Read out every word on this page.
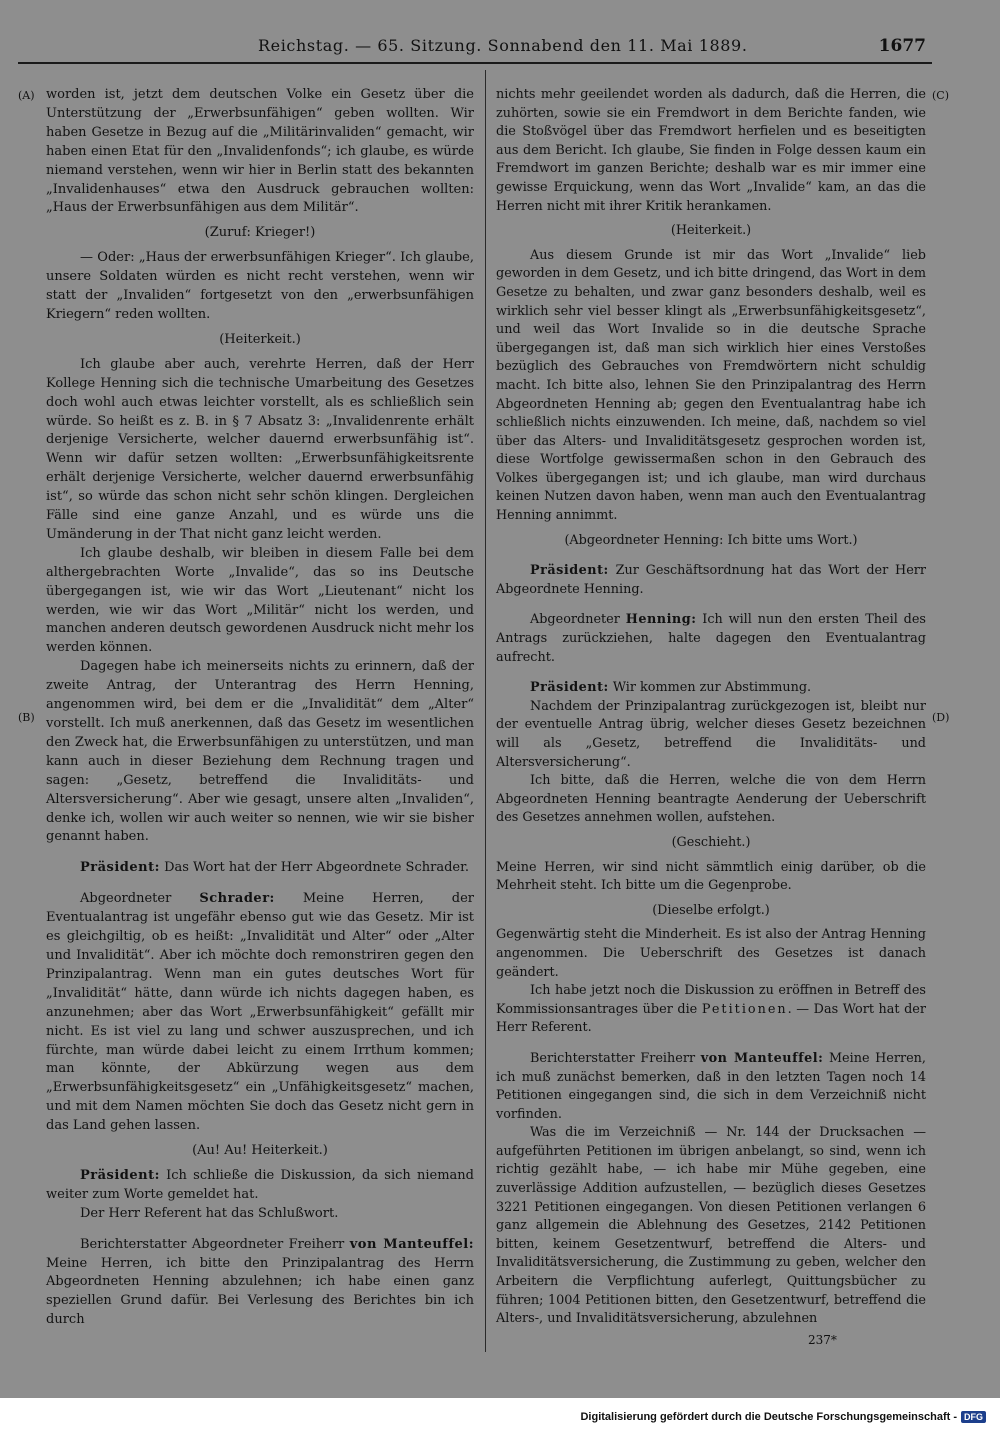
Reichstag. — 65. Sitzung. Sonnabend den 11. Mai 1889.	1677
(A)
(B)
(C)
(D)

worden ist, jetzt dem deutschen Volke ein Gesetz über die Unterstützung der „Erwerbsunfähigen“ geben wollten. Wir haben Gesetze in Bezug auf die „Militärinvaliden“ gemacht, wir haben einen Etat für den „Invalidenfonds“; ich glaube, es würde niemand verstehen, wenn wir hier in Berlin statt des bekannten „Invalidenhauses“ etwa den Ausdruck gebrauchen wollten: „Haus der Erwerbsunfähigen aus dem Militär“.

(Zuruf: Krieger!)

— Oder: „Haus der erwerbsunfähigen Krieger“. Ich glaube, unsere Soldaten würden es nicht recht verstehen, wenn wir statt der „Invaliden“ fortgesetzt von den „erwerbsunfähigen Kriegern“ reden wollten.

(Heiterkeit.)

Ich glaube aber auch, verehrte Herren, daß der Herr Kollege Henning sich die technische Umarbeitung des Gesetzes doch wohl auch etwas leichter vorstellt, als es schließlich sein würde. So heißt es z. B. in § 7 Absatz 3: „Invalidenrente erhält derjenige Versicherte, welcher dauernd erwerbsunfähig ist“. Wenn wir dafür setzen wollten: „Erwerbsunfähigkeitsrente erhält derjenige Versicherte, welcher dauernd erwerbsunfähig ist“, so würde das schon nicht sehr schön klingen. Dergleichen Fälle sind eine ganze Anzahl, und es würde uns die Umänderung in der That nicht ganz leicht werden.

Ich glaube deshalb, wir bleiben in diesem Falle bei dem althergebrachten Worte „Invalide“, das so ins Deutsche übergegangen ist, wie wir das Wort „Lieutenant“ nicht los werden, wie wir das Wort „Militär“ nicht los werden, und manchen anderen deutsch gewordenen Ausdruck nicht mehr los werden können.

Dagegen habe ich meinerseits nichts zu erinnern, daß der zweite Antrag, der Unterantrag des Herrn Henning, angenommen wird, bei dem er die „Invalidität“ dem „Alter“ vorstellt. Ich muß anerkennen, daß das Gesetz im wesentlichen den Zweck hat, die Erwerbsunfähigen zu unterstützen, und man kann auch in dieser Beziehung dem Rechnung tragen und sagen: „Gesetz, betreffend die Invaliditäts- und Altersversicherung“. Aber wie gesagt, unsere alten „Invaliden“, denke ich, wollen wir auch weiter so nennen, wie wir sie bisher genannt haben.

Präsident: Das Wort hat der Herr Abgeordnete Schrader.

Abgeordneter Schrader: Meine Herren, der Eventualantrag ist ungefähr ebenso gut wie das Gesetz. Mir ist es gleichgiltig, ob es heißt: „Invalidität und Alter“ oder „Alter und Invalidität“. Aber ich möchte doch remonstriren gegen den Prinzipalantrag. Wenn man ein gutes deutsches Wort für „Invalidität“ hätte, dann würde ich nichts dagegen haben, es anzunehmen; aber das Wort „Erwerbsunfähigkeit“ gefällt mir nicht. Es ist viel zu lang und schwer auszusprechen, und ich fürchte, man würde dabei leicht zu einem Irrthum kommen; man könnte, der Abkürzung wegen aus dem „Erwerbsunfähigkeitsgesetz“ ein „Unfähigkeitsgesetz“ machen, und mit dem Namen möchten Sie doch das Gesetz nicht gern in das Land gehen lassen.

(Au! Au! Heiterkeit.)

Präsident: Ich schließe die Diskussion, da sich niemand weiter zum Worte gemeldet hat.

Der Herr Referent hat das Schlußwort.

Berichterstatter Abgeordneter Freiherr von Manteuffel: Meine Herren, ich bitte den Prinzipalantrag des Herrn Abgeordneten Henning abzulehnen; ich habe einen ganz speziellen Grund dafür. Bei Verlesung des Berichtes bin ich durch

nichts mehr geeilendet worden als dadurch, daß die Herren, die zuhörten, sowie sie ein Fremdwort in dem Berichte fanden, wie die Stoßvögel über das Fremdwort herfielen und es beseitigten aus dem Bericht. Ich glaube, Sie finden in Folge dessen kaum ein Fremdwort im ganzen Berichte; deshalb war es mir immer eine gewisse Erquickung, wenn das Wort „Invalide“ kam, an das die Herren nicht mit ihrer Kritik herankamen.

(Heiterkeit.)

Aus diesem Grunde ist mir das Wort „Invalide“ lieb geworden in dem Gesetz, und ich bitte dringend, das Wort in dem Gesetze zu behalten, und zwar ganz besonders deshalb, weil es wirklich sehr viel besser klingt als „Erwerbsunfähigkeitsgesetz“, und weil das Wort Invalide so in die deutsche Sprache übergegangen ist, daß man sich wirklich hier eines Verstoßes bezüglich des Gebrauches von Fremdwörtern nicht schuldig macht. Ich bitte also, lehnen Sie den Prinzipalantrag des Herrn Abgeordneten Henning ab; gegen den Eventualantrag habe ich schließlich nichts einzuwenden. Ich meine, daß, nachdem so viel über das Alters- und Invaliditätsgesetz gesprochen worden ist, diese Wortfolge gewissermaßen schon in den Gebrauch des Volkes übergegangen ist; und ich glaube, man wird durchaus keinen Nutzen davon haben, wenn man auch den Eventualantrag Henning annimmt.

(Abgeordneter Henning: Ich bitte ums Wort.)

Präsident: Zur Geschäftsordnung hat das Wort der Herr Abgeordnete Henning.

Abgeordneter Henning: Ich will nun den ersten Theil des Antrags zurückziehen, halte dagegen den Eventualantrag aufrecht.

Präsident: Wir kommen zur Abstimmung.

Nachdem der Prinzipalantrag zurückgezogen ist, bleibt nur der eventuelle Antrag übrig, welcher dieses Gesetz bezeichnen will als „Gesetz, betreffend die Invaliditäts- und Altersversicherung“.

Ich bitte, daß die Herren, welche die von dem Herrn Abgeordneten Henning beantragte Aenderung der Ueberschrift des Gesetzes annehmen wollen, aufstehen.

(Geschieht.)

Meine Herren, wir sind nicht sämmtlich einig darüber, ob die Mehrheit steht. Ich bitte um die Gegenprobe.

(Dieselbe erfolgt.)

Gegenwärtig steht die Minderheit. Es ist also der Antrag Henning angenommen. Die Ueberschrift des Gesetzes ist danach geändert.

Ich habe jetzt noch die Diskussion zu eröffnen in Betreff des Kommissionsantrages über die Petitionen. — Das Wort hat der Herr Referent.

Berichterstatter Freiherr von Manteuffel: Meine Herren, ich muß zunächst bemerken, daß in den letzten Tagen noch 14 Petitionen eingegangen sind, die sich in dem Verzeichniß nicht vorfinden.

Was die im Verzeichniß — Nr. 144 der Drucksachen — aufgeführten Petitionen im übrigen anbelangt, so sind, wenn ich richtig gezählt habe, — ich habe mir Mühe gegeben, eine zuverlässige Addition aufzustellen, — bezüglich dieses Gesetzes 3221 Petitionen eingegangen. Von diesen Petitionen verlangen 6 ganz allgemein die Ablehnung des Gesetzes, 2142 Petitionen bitten, keinem Gesetzentwurf, betreffend die Alters- und Invaliditätsversicherung, die Zustimmung zu geben, welcher den Arbeitern die Verpflichtung auferlegt, Quittungsbücher zu führen; 1004 Petitionen bitten, den Gesetzentwurf, betreffend die Alters-, und Invaliditätsversicherung, abzulehnen

237*
Digitalisierung gefördert durch die Deutsche Forschungsgemeinschaft - DFG
